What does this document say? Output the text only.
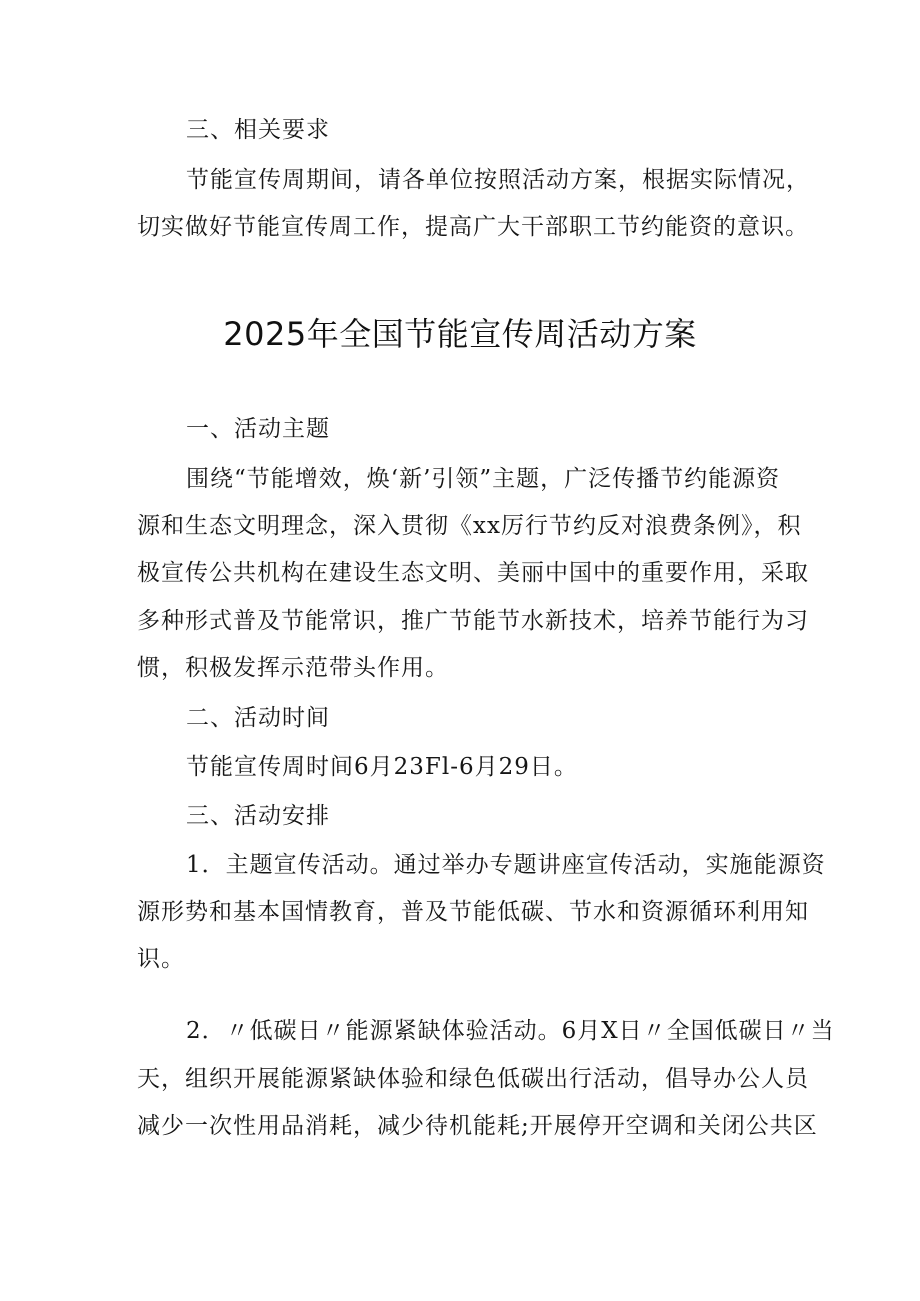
三、相关要求
节能宣传周期间，请各单位按照活动方案，根据实际情况，
切实做好节能宣传周工作，提高广大干部职工节约能资的意识。
2025年全国节能宣传周活动方案
一、活动主题
围绕“节能增效，焕‘新’引领”主题，广泛传播节约能源资
源和生态文明理念，深入贯彻《xx厉行节约反对浪费条例》，积
极宣传公共机构在建设生态文明、美丽中国中的重要作用，采取
多种形式普及节能常识，推广节能节水新技术，培养节能行为习
惯，积极发挥示范带头作用。
二、活动时间
节能宣传周时间6月23Fl-6月29日。
三、活动安排
1．主题宣传活动。通过举办专题讲座宣传活动，实施能源资
源形势和基本国情教育，普及节能低碳、节水和资源循环利用知
识。
2．〃低碳日〃能源紧缺体验活动。6月X日〃全国低碳日〃当
天，组织开展能源紧缺体验和绿色低碳出行活动，倡导办公人员
减少一次性用品消耗，减少待机能耗;开展停开空调和关闭公共区
